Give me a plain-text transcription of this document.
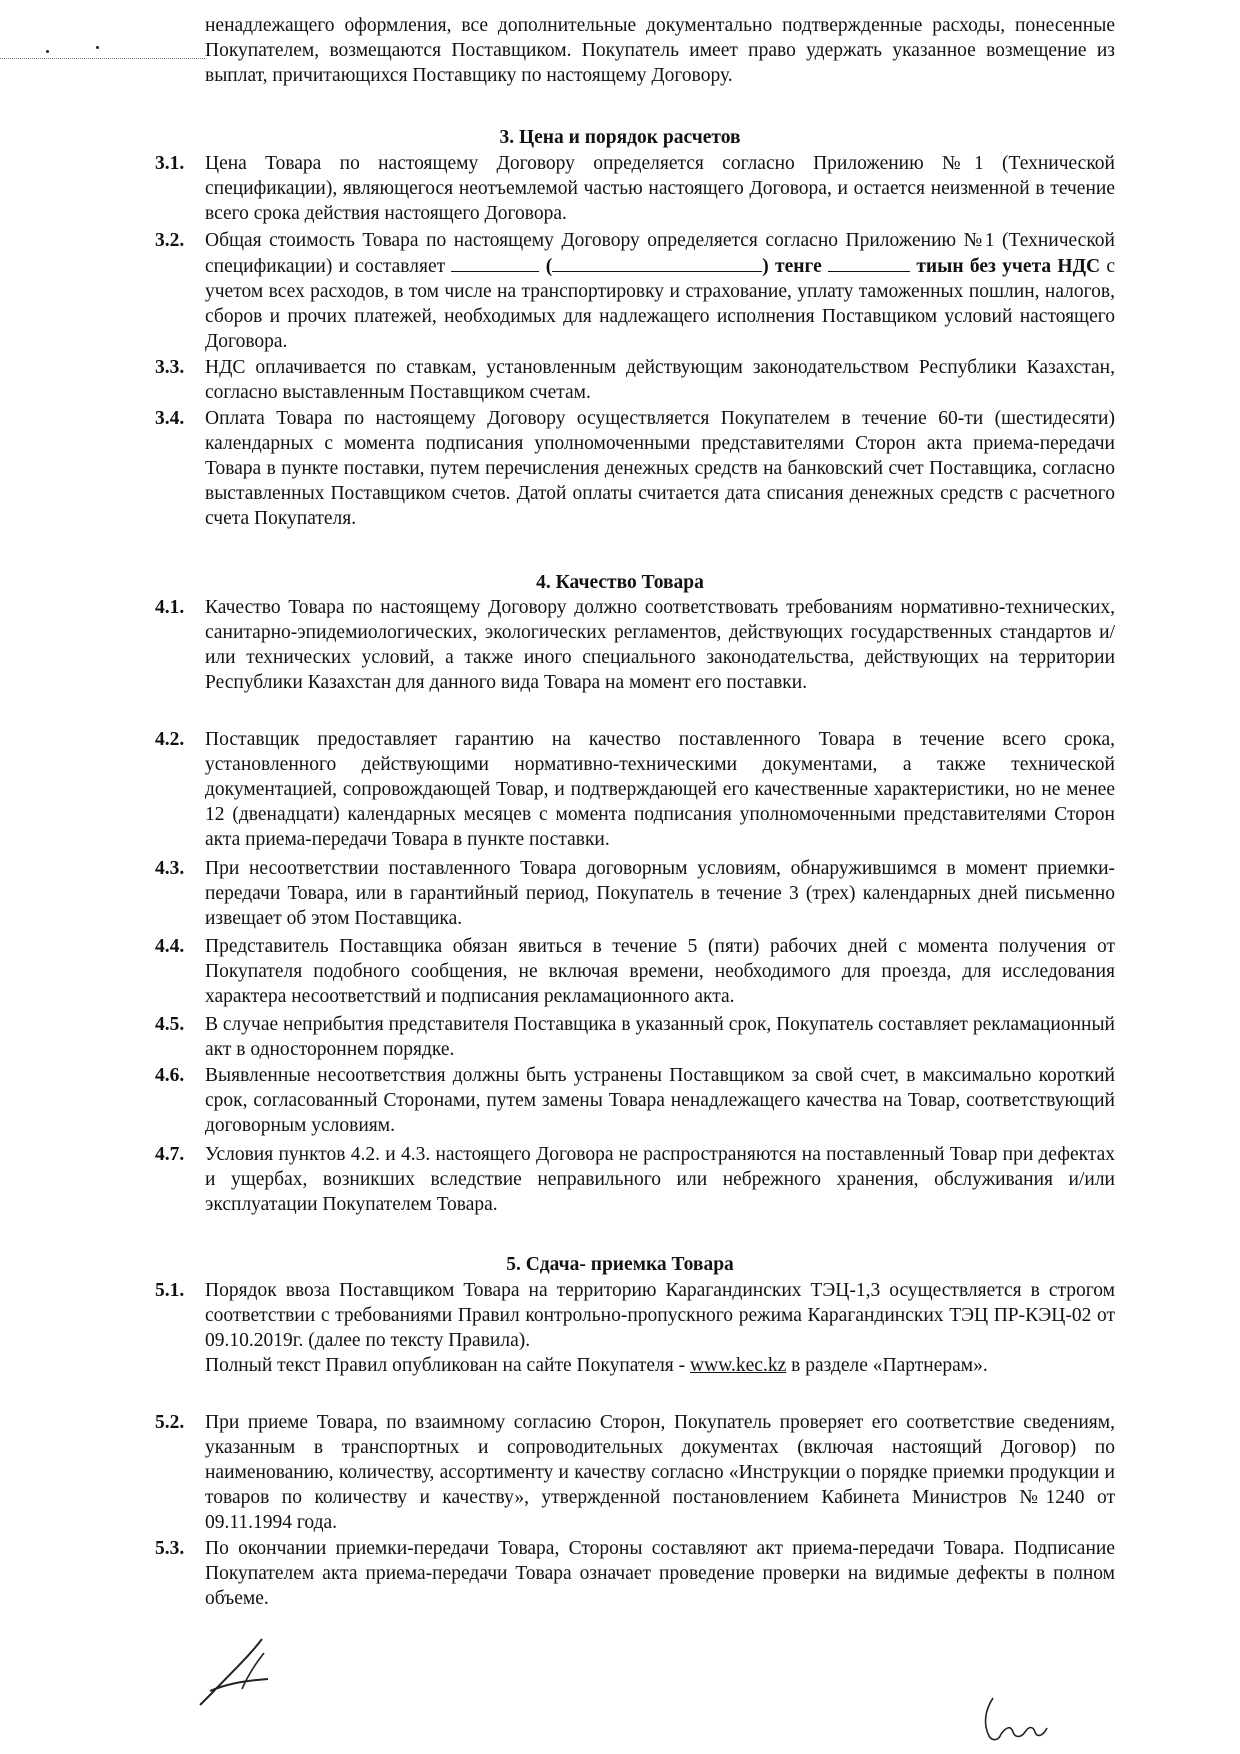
ненадлежащего оформления, все дополнительные документально подтвержденные расходы, понесенные Покупателем, возмещаются Поставщиком. Покупатель имеет право удержать указанное возмещение из выплат, причитающихся Поставщику по настоящему Договору.
3. Цена и порядок расчетов
3.1.	Цена Товара по настоящему Договору определяется согласно Приложению №1 (Технической спецификации), являющегося неотъемлемой частью настоящего Договора, и остается неизменной в течение всего срока действия настоящего Договора.
3.2.	Общая стоимость Товара по настоящему Договору определяется согласно Приложению №1 (Технической спецификации) и составляет	(	) тенге	тиын без учета НДС с учетом всех расходов, в том числе на транспортировку и страхование, уплату таможенных пошлин, налогов, сборов и прочих платежей, необходимых для надлежащего исполнения Поставщиком условий настоящего Договора.
3.3.	НДС оплачивается по ставкам, установленным действующим законодательством Республики Казахстан, согласно выставленным Поставщиком счетам.
3.4.	Оплата Товара по настоящему Договору осуществляется Покупателем в течение 60-ти (шестидесяти) календарных с момента подписания уполномоченными представителями Сторон акта приема-передачи Товара в пункте поставки, путем перечисления денежных средств на банковский счет Поставщика, согласно выставленных Поставщиком счетов. Датой оплаты считается дата списания денежных средств с расчетного счета Покупателя.
4. Качество Товара
4.1.	Качество Товара по настоящему Договору должно соответствовать требованиям нормативно-технических, санитарно-эпидемиологических, экологических регламентов, действующих государственных стандартов и/или технических условий, а также иного специального законодательства, действующих на территории Республики Казахстан для данного вида Товара на момент его поставки.
4.2.	Поставщик предоставляет гарантию на качество поставленного Товара в течение всего срока, установленного действующими нормативно-техническими документами, а также технической документацией, сопровождающей Товар, и подтверждающей его качественные характеристики, но не менее 12 (двенадцати) календарных месяцев с момента подписания уполномоченными представителями Сторон акта приема-передачи Товара в пункте поставки.
4.3.	При несоответствии поставленного Товара договорным условиям, обнаружившимся в момент приемки-передачи Товара, или в гарантийный период, Покупатель в течение 3 (трех) календарных дней письменно извещает об этом Поставщика.
4.4.	Представитель Поставщика обязан явиться в течение 5 (пяти) рабочих дней с момента получения от Покупателя подобного сообщения, не включая времени, необходимого для проезда, для исследования характера несоответствий и подписания рекламационного акта.
4.5.	В случае неприбытия представителя Поставщика в указанный срок, Покупатель составляет рекламационный акт в одностороннем порядке.
4.6.	Выявленные несоответствия должны быть устранены Поставщиком за свой счет, в максимально короткий срок, согласованный Сторонами, путем замены Товара ненадлежащего качества на Товар, соответствующий договорным условиям.
4.7.	Условия пунктов 4.2. и 4.3. настоящего Договора не распространяются на поставленный Товар при дефектах и ущербах, возникших вследствие неправильного или небрежного хранения, обслуживания и/или эксплуатации Покупателем Товара.
5. Сдача- приемка Товара
5.1.	Порядок ввоза Поставщиком Товара на территорию Карагандинских ТЭЦ-1,3 осуществляется в строгом соответствии с требованиями Правил контрольно-пропускного режима Карагандинских ТЭЦ ПР-КЭЦ-02 от 09.10.2019г. (далее по тексту Правила).
Полный текст Правил опубликован на сайте Покупателя - www.kec.kz в разделе «Партнерам».
5.2.	При приеме Товара, по взаимному согласию Сторон, Покупатель проверяет его соответствие сведениям, указанным в транспортных и сопроводительных документах (включая настоящий Договор) по наименованию, количеству, ассортименту и качеству согласно «Инструкции о порядке приемки продукции и товаров по количеству и качеству», утвержденной постановлением Кабинета Министров №1240 от 09.11.1994 года.
5.3.	По окончании приемки-передачи Товара, Стороны составляют акт приема-передачи Товара. Подписание Покупателем акта приема-передачи Товара означает проведение проверки на видимые дефекты в полном объеме.
